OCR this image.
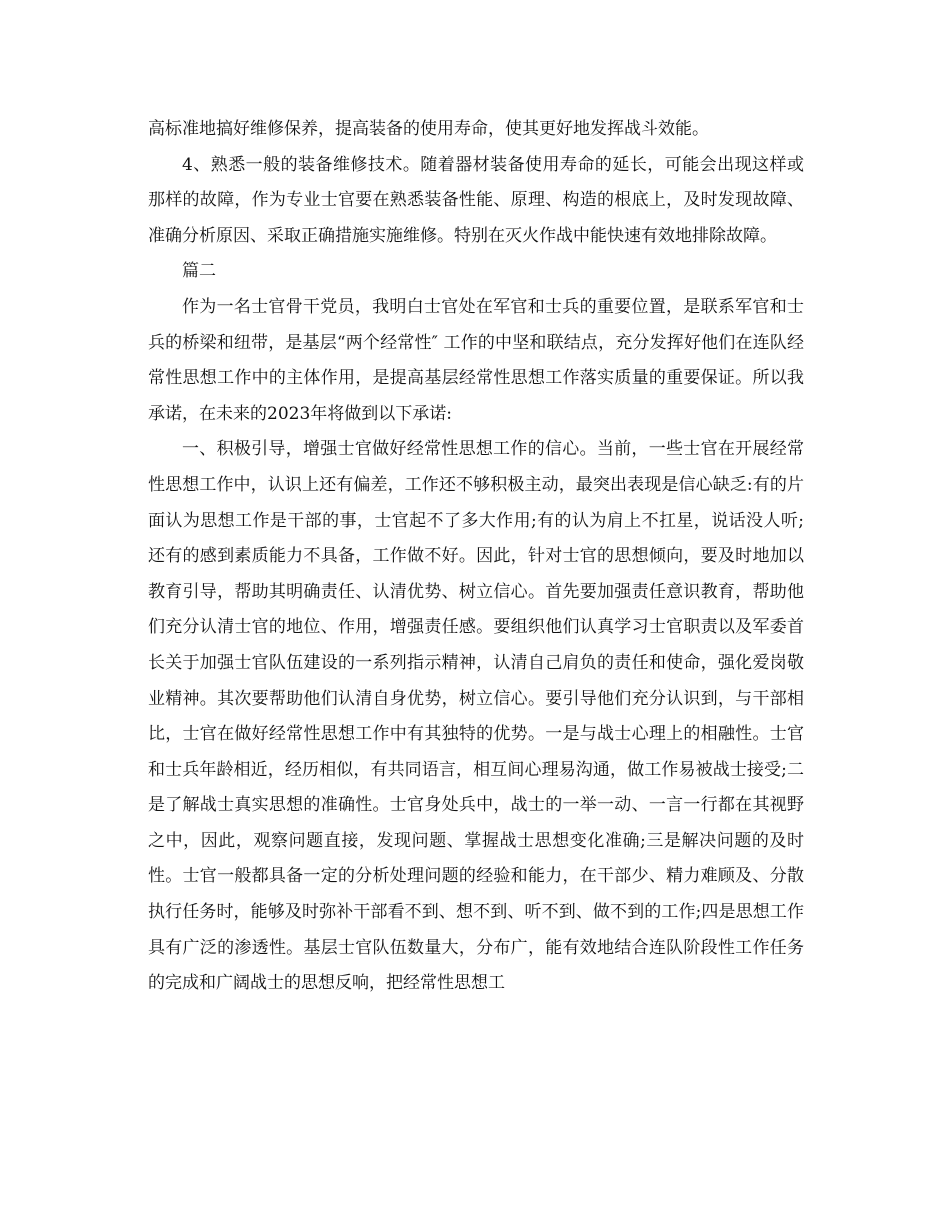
高标准地搞好维修保养，提高装备的使用寿命，使其更好地发挥战斗效能。

4、熟悉一般的装备维修技术。随着器材装备使用寿命的延长，可能会出现这样或那样的故障，作为专业士官要在熟悉装备性能、原理、构造的根底上，及时发现故障、准确分析原因、采取正确措施实施维修。特别在灭火作战中能快速有效地排除故障。

篇二

作为一名士官骨干党员，我明白士官处在军官和士兵的重要位置，是联系军官和士兵的桥梁和纽带，是基层“两个经常性″ 工作的中坚和联结点，充分发挥好他们在连队经常性思想工作中的主体作用，是提高基层经常性思想工作落实质量的重要保证。所以我承诺，在未来的2023年将做到以下承诺:

一、积极引导，增强士官做好经常性思想工作的信心。当前，一些士官在开展经常性思想工作中，认识上还有偏差，工作还不够积极主动，最突出表现是信心缺乏:有的片面认为思想工作是干部的事，士官起不了多大作用;有的认为肩上不扛星，说话没人听;还有的感到素质能力不具备，工作做不好。因此，针对士官的思想倾向，要及时地加以教育引导，帮助其明确责任、认清优势、树立信心。首先要加强责任意识教育，帮助他们充分认清士官的地位、作用，增强责任感。要组织他们认真学习士官职责以及军委首长关于加强士官队伍建设的一系列指示精神，认清自己肩负的责任和使命，强化爱岗敬业精神。其次要帮助他们认清自身优势，树立信心。要引导他们充分认识到，与干部相比，士官在做好经常性思想工作中有其独特的优势。一是与战士心理上的相融性。士官和士兵年龄相近，经历相似，有共同语言，相互间心理易沟通，做工作易被战士接受;二是了解战士真实思想的准确性。士官身处兵中，战士的一举一动、一言一行都在其视野之中，因此，观察问题直接，发现问题、掌握战士思想变化准确;三是解决问题的及时性。士官一般都具备一定的分析处理问题的经验和能力，在干部少、精力难顾及、分散执行任务时，能够及时弥补干部看不到、想不到、听不到、做不到的工作;四是思想工作具有广泛的渗透性。基层士官队伍数量大，分布广，能有效地结合连队阶段性工作任务的完成和广阔战士的思想反响，把经常性思想工
